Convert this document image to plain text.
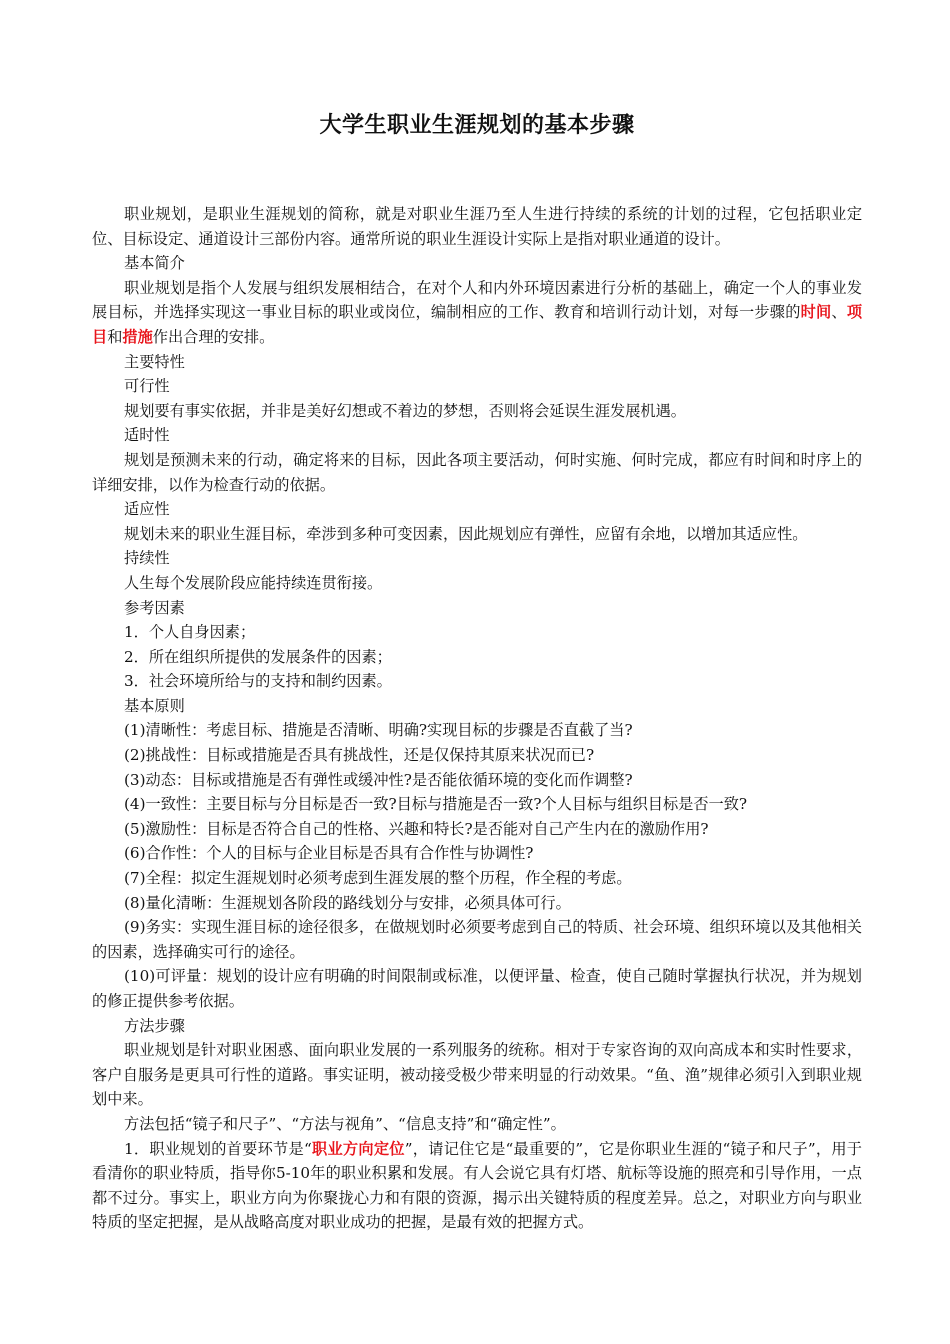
大学生职业生涯规划的基本步骤

职业规划，是职业生涯规划的简称，就是对职业生涯乃至人生进行持续的系统的计划的过程，它包括职业定位、目标设定、通道设计三部份内容。通常所说的职业生涯设计实际上是指对职业通道的设计。

基本简介

职业规划是指个人发展与组织发展相结合，在对个人和内外环境因素进行分析的基础上，确定一个人的事业发展目标，并选择实现这一事业目标的职业或岗位，编制相应的工作、教育和培训行动计划，对每一步骤的时间、项目和措施作出合理的安排。

主要特性

可行性

规划要有事实依据，并非是美好幻想或不着边的梦想，否则将会延误生涯发展机遇。

适时性

规划是预测未来的行动，确定将来的目标，因此各项主要活动，何时实施、何时完成，都应有时间和时序上的详细安排，以作为检查行动的依据。

适应性

规划未来的职业生涯目标，牵涉到多种可变因素，因此规划应有弹性，应留有余地，以增加其适应性。

持续性

人生每个发展阶段应能持续连贯衔接。

参考因素

1．个人自身因素；

2．所在组织所提供的发展条件的因素；

3．社会环境所给与的支持和制约因素。

基本原则

(1)清晰性：考虑目标、措施是否清晰、明确?实现目标的步骤是否直截了当?

(2)挑战性：目标或措施是否具有挑战性，还是仅保持其原来状况而已?

(3)动态：目标或措施是否有弹性或缓冲性?是否能依循环境的变化而作调整?

(4)一致性：主要目标与分目标是否一致?目标与措施是否一致?个人目标与组织目标是否一致?

(5)激励性：目标是否符合自己的性格、兴趣和特长?是否能对自己产生内在的激励作用?

(6)合作性：个人的目标与企业目标是否具有合作性与协调性?

(7)全程：拟定生涯规划时必须考虑到生涯发展的整个历程，作全程的考虑。

(8)量化清晰：生涯规划各阶段的路线划分与安排，必须具体可行。

(9)务实：实现生涯目标的途径很多，在做规划时必须要考虑到自己的特质、社会环境、组织环境以及其他相关的因素，选择确实可行的途径。

(10)可评量：规划的设计应有明确的时间限制或标准，以便评量、检查，使自己随时掌握执行状况，并为规划的修正提供参考依据。

方法步骤

职业规划是针对职业困惑、面向职业发展的一系列服务的统称。相对于专家咨询的双向高成本和实时性要求，客户自服务是更具可行性的道路。事实证明，被动接受极少带来明显的行动效果。“鱼、渔”规律必须引入到职业规划中来。

方法包括“镜子和尺子”、“方法与视角”、“信息支持”和“确定性”。

1．职业规划的首要环节是“职业方向定位”，请记住它是“最重要的”，它是你职业生涯的“镜子和尺子”，用于看清你的职业特质，指导你5-10年的职业积累和发展。有人会说它具有灯塔、航标等设施的照亮和引导作用，一点都不过分。事实上，职业方向为你聚拢心力和有限的资源，揭示出关键特质的程度差异。总之，对职业方向与职业特质的坚定把握，是从战略高度对职业成功的把握，是最有效的把握方式。
